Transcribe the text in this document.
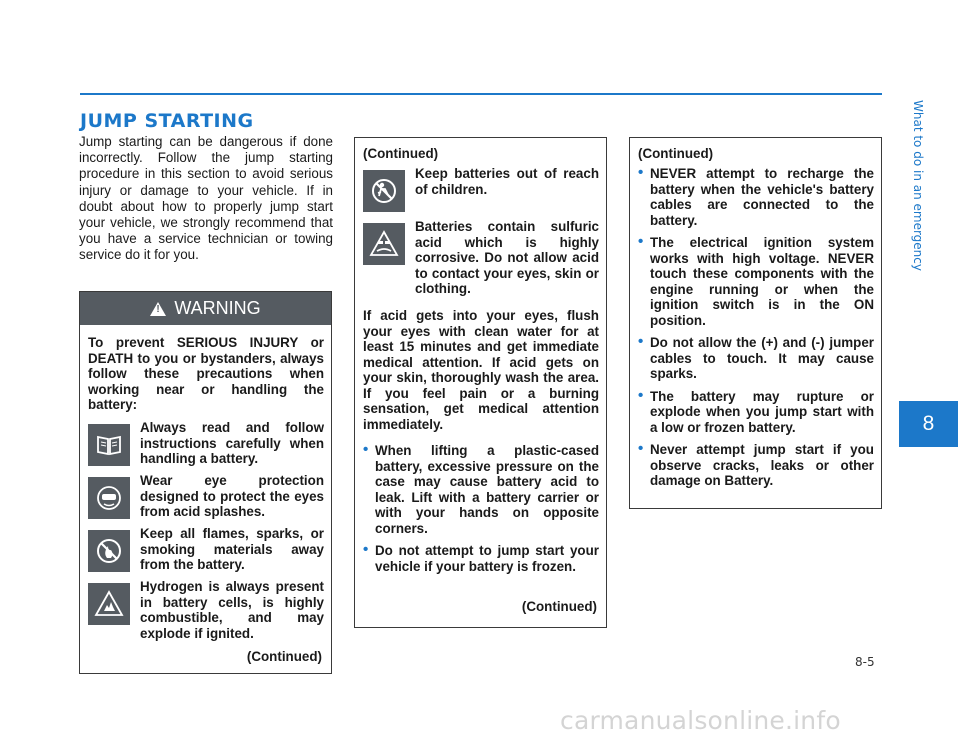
JUMP STARTING	What to do in an emergency
8
Jump starting can be dangerous if done incorrectly. Follow the jump starting procedure in this section to avoid serious injury or damage to your vehicle. If in doubt about how to properly jump start your vehicle, we strongly recommend that you have a service technician or towing service do it for you.
!
WARNING
To prevent SERIOUS INJURY or DEATH to you or bystanders, always follow these precautions when working near or handling the battery:
Always read and follow instructions carefully when handling a battery.
Wear eye protection designed to protect the eyes from acid splashes.
Keep all flames, sparks, or smoking materials away from the battery.
Hydrogen is always present in battery cells, is highly combustible, and may explode if ignited.
(Continued)
(Continued)
Keep batteries out of reach of children.
Batteries contain sulfuric acid which is highly corrosive. Do not allow acid to contact your eyes, skin or clothing.
If acid gets into your eyes, flush your eyes with clean water for at least 15 minutes and get immediate medical attention. If acid gets on your skin, thoroughly wash the area. If you feel pain or a burning sensation, get medical attention immediately.
• When lifting a plastic-cased battery, excessive pressure on the case may cause battery acid to leak. Lift with a battery carrier or with your hands on opposite corners.
• Do not attempt to jump start your vehicle if your battery is frozen.
(Continued)
(Continued)
• NEVER attempt to recharge the battery when the vehicle's battery cables are connected to the battery.
• The electrical ignition system works with high voltage. NEVER touch these components with the engine running or when the ignition switch is in the ON position.
• Do not allow the (+) and (-) jumper cables to touch. It may cause sparks.
• The battery may rupture or explode when you jump start with a low or frozen battery.
• Never attempt jump start if you observe cracks, leaks or other damage on Battery.
8-5
carmanualsonline.info
